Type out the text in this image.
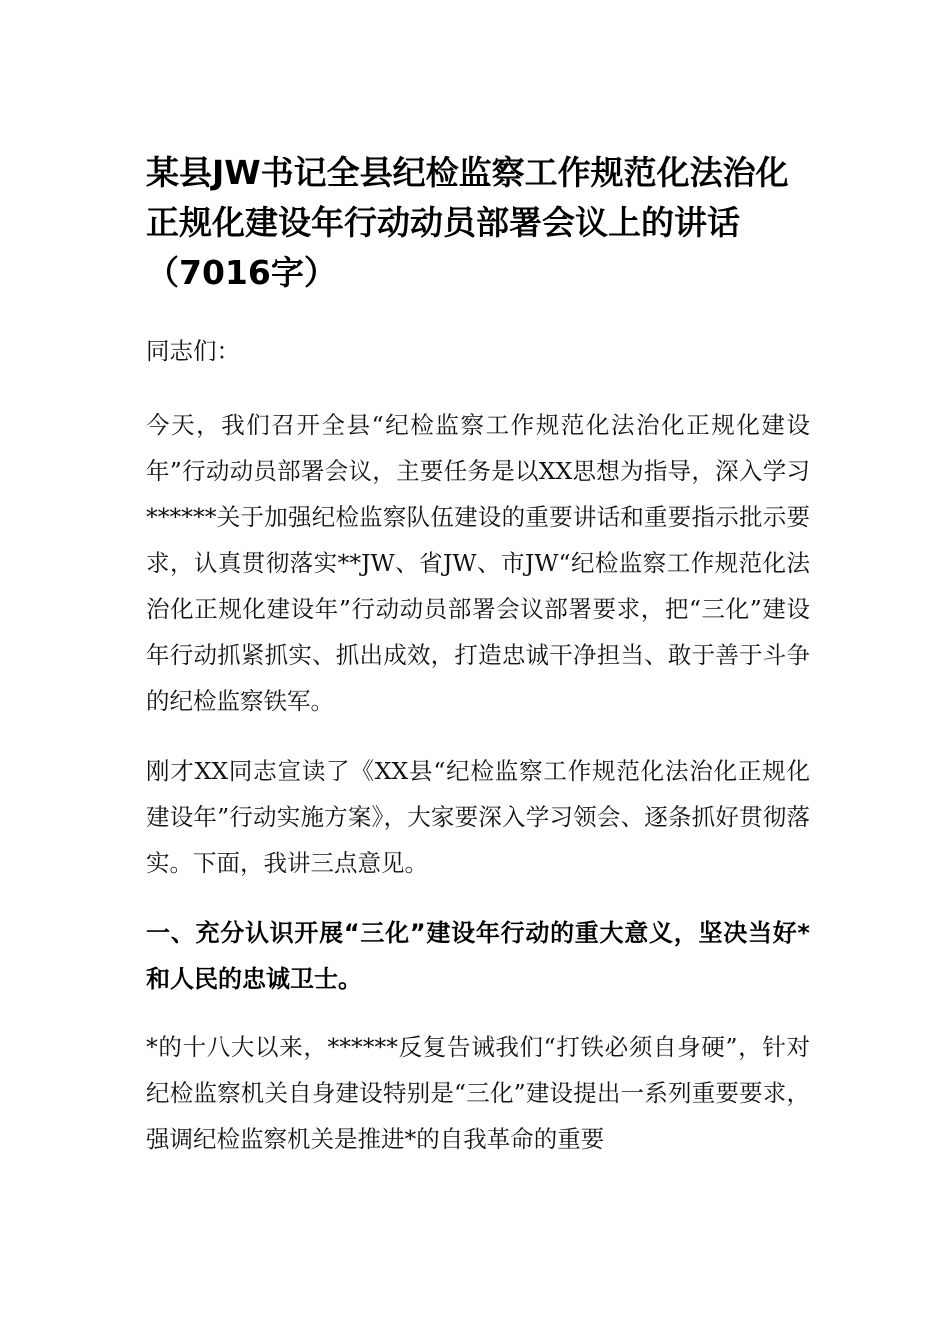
某县JW书记全县纪检监察工作规范化法治化正规化建设年行动动员部署会议上的讲话（7016字）

同志们：

今天，我们召开全县“纪检监察工作规范化法治化正规化建设年”行动动员部署会议，主要任务是以XX思想为指导，深入学习******关于加强纪检监察队伍建设的重要讲话和重要指示批示要求，认真贯彻落实**JW、省JW、市JW“纪检监察工作规范化法治化正规化建设年”行动动员部署会议部署要求，把“三化”建设年行动抓紧抓实、抓出成效，打造忠诚干净担当、敢于善于斗争的纪检监察铁军。

刚才XX同志宣读了《XX县“纪检监察工作规范化法治化正规化建设年”行动实施方案》，大家要深入学习领会、逐条抓好贯彻落实。下面，我讲三点意见。

一、充分认识开展“三化”建设年行动的重大意义，坚决当好*和人民的忠诚卫士。

*的十八大以来，******反复告诫我们“打铁必须自身硬”，针对纪检监察机关自身建设特别是“三化”建设提出一系列重要要求，强调纪检监察机关是推进*的自我革命的重要
